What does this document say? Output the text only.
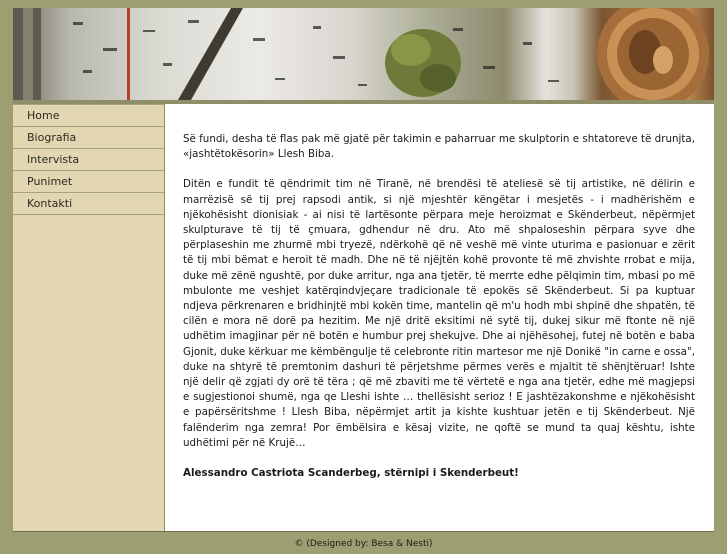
Home
Biografia
Intervista
Punimet
Kontakti

Së fundi, desha të flas pak më gjatë për takimin e paharruar me skulptorin e shtatoreve të drunjta, «jashtëtokësorin» Llesh Biba.

Ditën e fundit të qëndrimit tim në Tiranë, në brendësi të ateliesë së tij artistike, në dëlirin e marrëzisë së tij prej rapsodi antik, si një mjeshtër këngëtar i mesjetës - i madhërishëm e njëkohësisht dionisiak - ai nisi të lartësonte përpara meje heroizmat e Skënderbeut, nëpërmjet skulpturave të tij të çmuara, gdhendur në dru. Ato më shpaloseshin përpara syve dhe përplaseshin me zhurmë mbi tryezë, ndërkohë që në veshë më vinte uturima e pasionuar e zërit të tij mbi bëmat e heroit të madh. Dhe në të njëjtën kohë provonte të më zhvishte rrobat e mija, duke më zënë ngushtë, por duke arritur, nga ana tjetër, të merrte edhe pëlqimin tim, mbasi po më mbulonte me veshjet katërqindvjeçare tradicionale të epokës së Skënderbeut. Si pa kuptuar ndjeva përkrenaren e bridhinjtë mbi kokën time, mantelin që m'u hodh mbi shpinë dhe shpatën, të cilën e mora në dorë pa hezitim. Me një dritë eksitimi në sytë tij, dukej sikur më ftonte në një udhëtim imagjinar për në botën e humbur prej shekujve. Dhe ai njëhësohej, futej në botën e baba Gjonit, duke kërkuar me këmbëngulje të celebronte ritin martesor me një Donikë "in carne e ossa", duke na shtyrë të premtonim dashuri të përjetshme përmes verës e mjaltit të shënjtëruar! Ishte një delir që zgjati dy orë të tëra ; që më zbaviti me të vërtetë e nga ana tjetër, edhe më magjepsi e sugjestionoi shumë, nga qe Lleshi ishte … thellësisht serioz ! E jashtëzakonshme e njëkohësisht e papërsëritshme ! Llesh Biba, nëpërmjet artit ja kishte kushtuar jetën e tij Skënderbeut. Një falënderim nga zemra! Por ëmbëlsira e kësaj vizite, ne qoftë se mund ta quaj kështu, ishte udhëtimi për në Krujë…

Alessandro Castriota Scanderbeg, stërnipi i Skenderbeut!

© (Designed by: Besa & Nesti)
